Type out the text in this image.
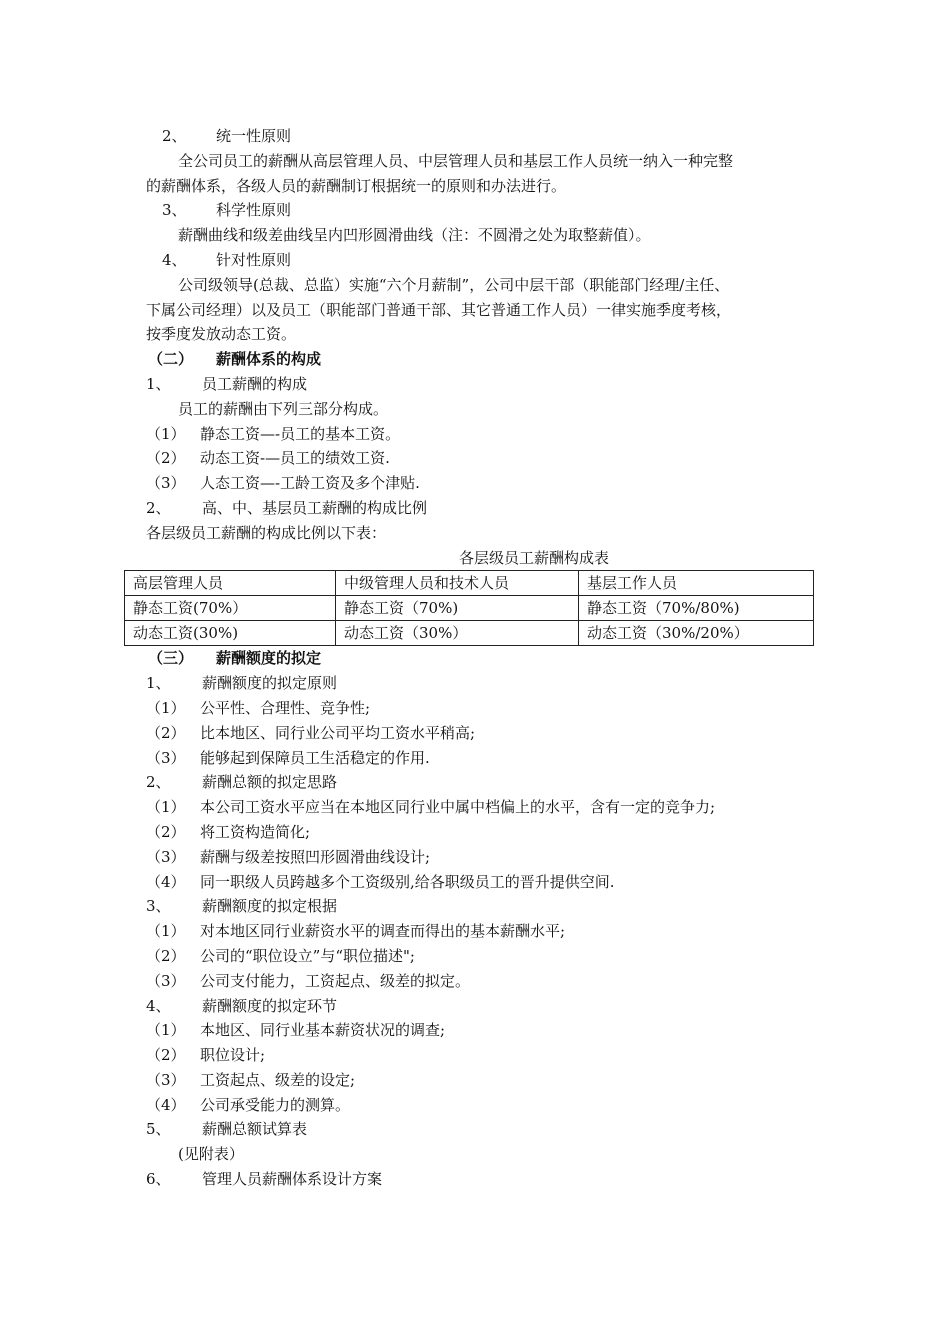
2、 统一性原则
全公司员工的薪酬从高层管理人员、中层管理人员和基层工作人员统一纳入一种完整
的薪酬体系，各级人员的薪酬制订根据统一的原则和办法进行。
3、 科学性原则
薪酬曲线和级差曲线呈内凹形圆滑曲线（注：不圆滑之处为取整薪值）。
4、 针对性原则
公司级领导(总裁、总监）实施“六个月薪制”，公司中层干部（职能部门经理/主任、
下属公司经理）以及员工（职能部门普通干部、其它普通工作人员）一律实施季度考核，
按季度发放动态工资。
（二） 薪酬体系的构成
1、 员工薪酬的构成
员工的薪酬由下列三部分构成。
（1） 静态工资—-员工的基本工资。
（2） 动态工资-—员工的绩效工资.
（3） 人态工资—-工龄工资及多个津贴.
2、 高、中、基层员工薪酬的构成比例
各层级员工薪酬的构成比例以下表：
各层级员工薪酬构成表
高层管理人员	中级管理人员和技术人员	基层工作人员
静态工资(70%）	静态工资（70%)	静态工资（70%/80%)
动态工资(30%)	动态工资（30%）	动态工资（30%/20%）
（三） 薪酬额度的拟定
1、 薪酬额度的拟定原则
（1） 公平性、合理性、竞争性;
（2） 比本地区、同行业公司平均工资水平稍高;
（3） 能够起到保障员工生活稳定的作用.
2、 薪酬总额的拟定思路
（1） 本公司工资水平应当在本地区同行业中属中档偏上的水平，含有一定的竞争力;
（2） 将工资构造简化;
（3） 薪酬与级差按照凹形圆滑曲线设计;
（4） 同一职级人员跨越多个工资级别,给各职级员工的晋升提供空间.
3、 薪酬额度的拟定根据
（1） 对本地区同行业薪资水平的调查而得出的基本薪酬水平;
（2） 公司的“职位设立”与“职位描述";
（3） 公司支付能力，工资起点、级差的拟定。
4、 薪酬额度的拟定环节
（1） 本地区、同行业基本薪资状况的调查;
（2） 职位设计;
（3） 工资起点、级差的设定;
（4） 公司承受能力的测算。
5、 薪酬总额试算表
(见附表）
6、 管理人员薪酬体系设计方案
